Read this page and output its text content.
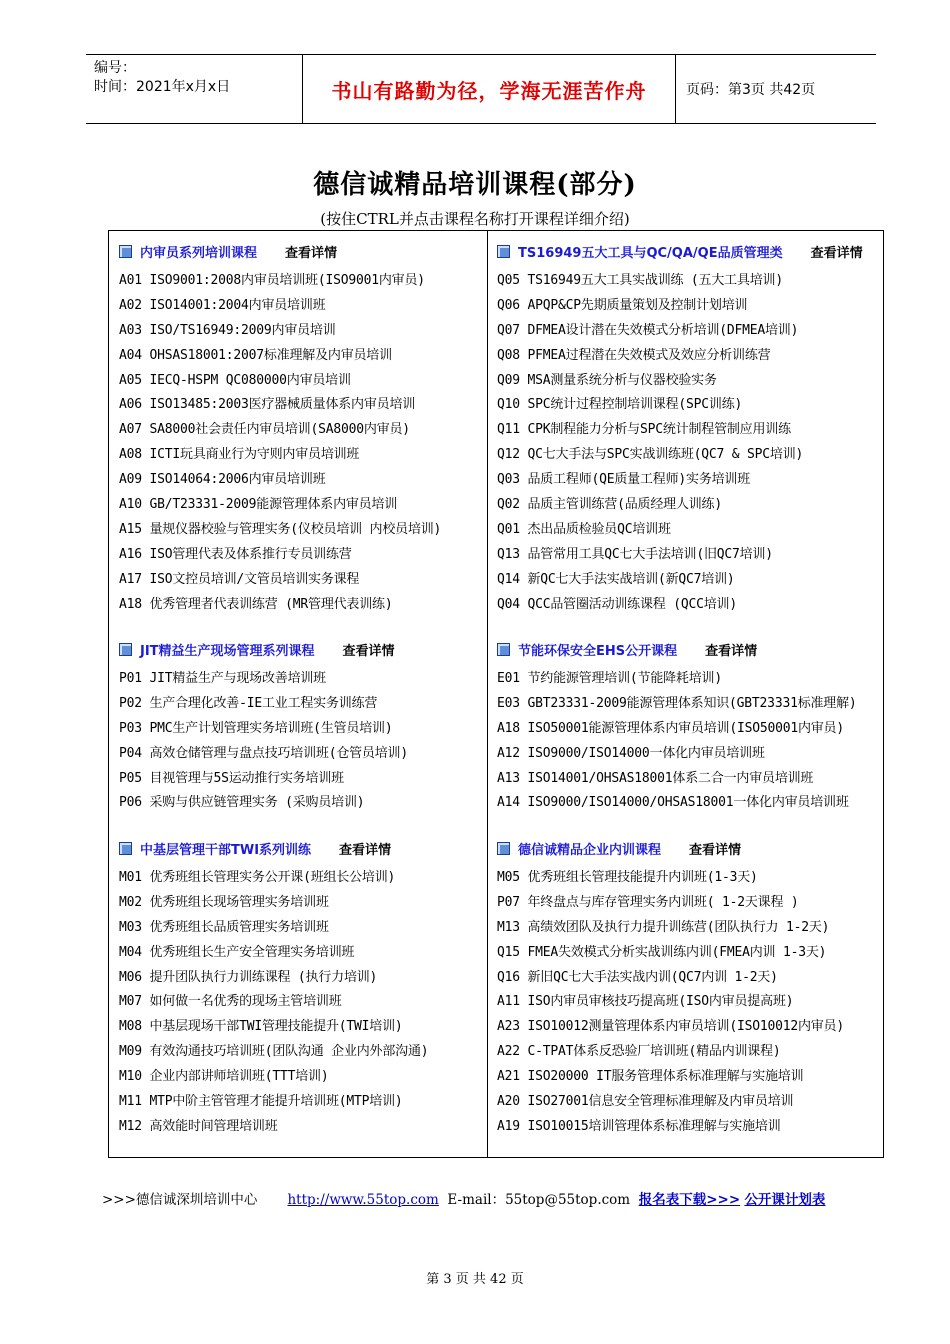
编号：
时间：2021年x月x日	书山有路勤为径，学海无涯苦作舟	页码：第3页 共42页
德信诚精品培训课程(部分)
(按住CTRL并点击课程名称打开课程详细介绍)
内审员系列培训课程 查看详情
A01 ISO9001:2008内审员培训班(ISO9001内审员)
A02 ISO14001:2004内审员培训班
A03 ISO/TS16949:2009内审员培训
A04 OHSAS18001:2007标准理解及内审员培训
A05 IECQ-HSPM QC080000内审员培训
A06 ISO13485:2003医疗器械质量体系内审员培训
A07 SA8000社会责任内审员培训(SA8000内审员)
A08 ICTI玩具商业行为守则内审员培训班
A09 ISO14064:2006内审员培训班
A10 GB/T23331-2009能源管理体系内审员培训
A15 量规仪器校验与管理实务(仪校员培训 内校员培训)
A16 ISO管理代表及体系推行专员训练营
A17 ISO文控员培训/文管员培训实务课程
A18 优秀管理者代表训练营 (MR管理代表训练)
JIT精益生产现场管理系列课程 查看详情
P01 JIT精益生产与现场改善培训班
P02 生产合理化改善-IE工业工程实务训练营
P03 PMC生产计划管理实务培训班(生管员培训)
P04 高效仓储管理与盘点技巧培训班(仓管员培训)
P05 目视管理与5S运动推行实务培训班
P06 采购与供应链管理实务 (采购员培训)
中基层管理干部TWI系列训练 查看详情
M01 优秀班组长管理实务公开课(班组长公培训)
M02 优秀班组长现场管理实务培训班
M03 优秀班组长品质管理实务培训班
M04 优秀班组长生产安全管理实务培训班
M06 提升团队执行力训练课程 (执行力培训)
M07 如何做一名优秀的现场主管培训班
M08 中基层现场干部TWI管理技能提升(TWI培训)
M09 有效沟通技巧培训班(团队沟通 企业内外部沟通)
M10 企业内部讲师培训班(TTT培训)
M11 MTP中阶主管管理才能提升培训班(MTP培训)
M12 高效能时间管理培训班
TS16949五大工具与QC/QA/QE品质管理类 查看详情
Q05 TS16949五大工具实战训练 (五大工具培训)
Q06 APQP&CP先期质量策划及控制计划培训
Q07 DFMEA设计潜在失效模式分析培训(DFMEA培训)
Q08 PFMEA过程潜在失效模式及效应分析训练营
Q09 MSA测量系统分析与仪器校验实务
Q10 SPC统计过程控制培训课程(SPC训练)
Q11 CPK制程能力分析与SPC统计制程管制应用训练
Q12 QC七大手法与SPC实战训练班(QC7 & SPC培训)
Q03 品质工程师(QE质量工程师)实务培训班
Q02 品质主管训练营(品质经理人训练)
Q01 杰出品质检验员QC培训班
Q13 品管常用工具QC七大手法培训(旧QC7培训)
Q14 新QC七大手法实战培训(新QC7培训)
Q04 QCC品管圈活动训练课程 (QCC培训)
节能环保安全EHS公开课程 查看详情
E01 节约能源管理培训(节能降耗培训)
E03 GBT23331-2009能源管理体系知识(GBT23331标准理解)
A18 ISO50001能源管理体系内审员培训(ISO50001内审员)
A12 ISO9000/ISO14000一体化内审员培训班
A13 ISO14001/OHSAS18001体系二合一内审员培训班
A14 ISO9000/ISO14000/OHSAS18001一体化内审员培训班
德信诚精品企业内训课程 查看详情
M05 优秀班组长管理技能提升内训班(1-3天)
P07 年终盘点与库存管理实务内训班( 1-2天课程 )
M13 高绩效团队及执行力提升训练营(团队执行力 1-2天)
Q15 FMEA失效模式分析实战训练内训(FMEA内训 1-3天)
Q16 新旧QC七大手法实战内训(QC7内训 1-2天)
A11 ISO内审员审核技巧提高班(ISO内审员提高班)
A23 ISO10012测量管理体系内审员培训(ISO10012内审员)
A22 C-TPAT体系反恐验厂培训班(精品内训课程)
A21 ISO20000 IT服务管理体系标准理解与实施培训
A20 ISO27001信息安全管理标准理解及内审员培训
A19 ISO10015培训管理体系标准理解与实施培训
>>>德信诚深圳培训中心 http://www.55top.com E-mail：55top@55top.com 报名表下载>>> 公开课计划表
第 3 页 共 42 页
